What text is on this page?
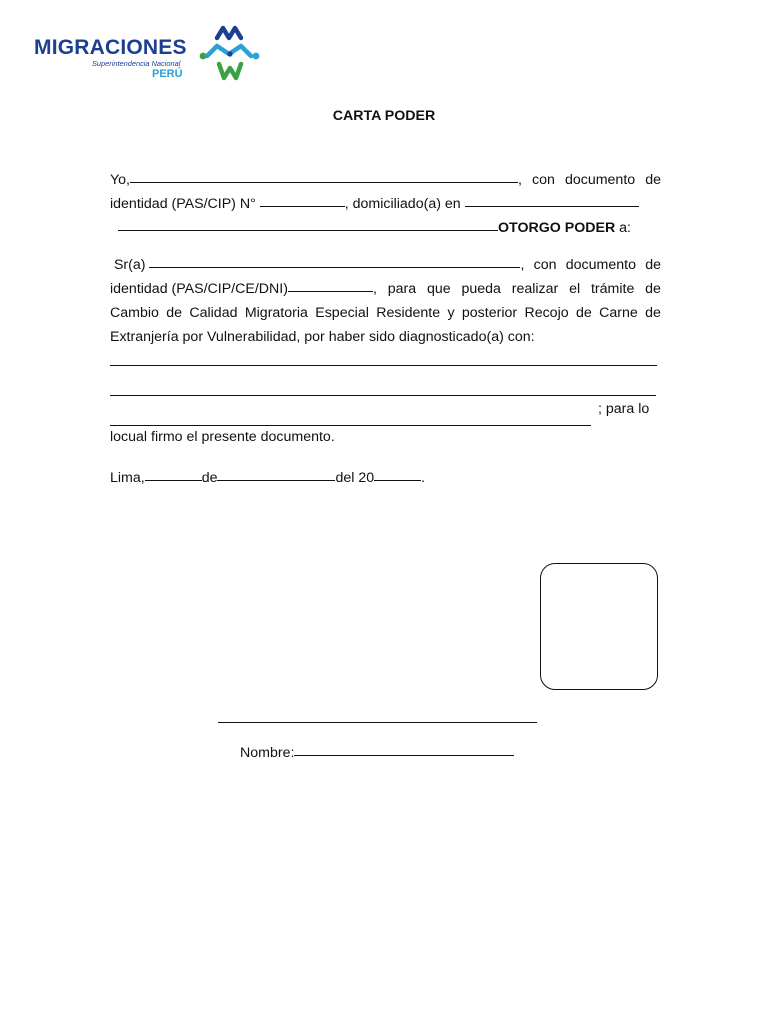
MIGRACIONES
Superintendencia Nacional
PERÚ
CARTA PODER
Yo,	, con documento de
identidad (PAS/CIP) N°	, domiciliado(a) en
OTORGO PODER a:
Sr(a)	, con documento de
identidad (PAS/CIP/CE/DNI)	, para que pueda realizar el trámite de
Cambio de Calidad Migratoria Especial Residente y posterior Recojo de Carne de
Extranjería por Vulnerabilidad, por haber sido diagnosticado(a) con:
; para lo
locual firmo el presente documento.
Lima,	de	del 20	.
Nombre:
